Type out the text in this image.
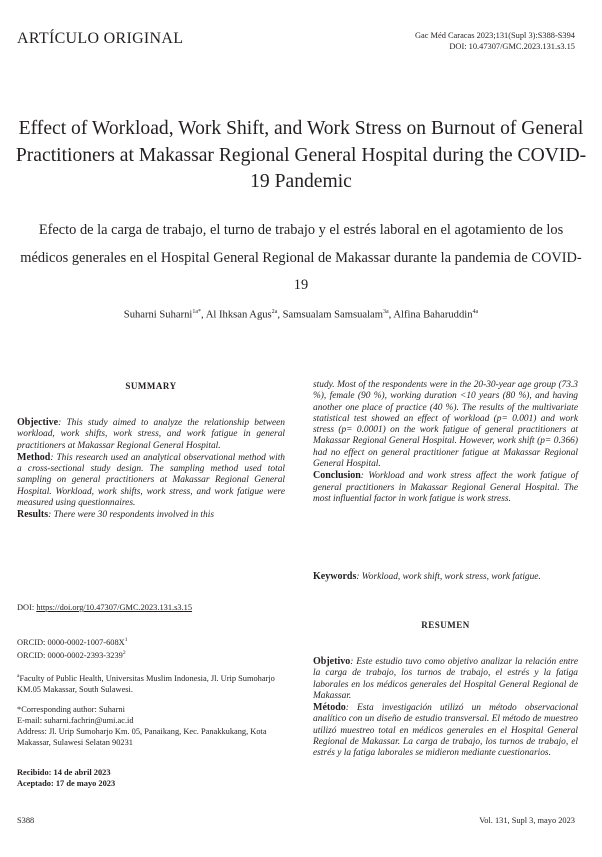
ARTÍCULO ORIGINAL	Gac Méd Caracas 2023;131(Supl 3):S388-S394
DOI: 10.47307/GMC.2023.131.s3.15
Effect of Workload, Work Shift, and Work Stress on Burnout of General Practitioners at Makassar Regional General Hospital during the COVID-19 Pandemic
Efecto de la carga de trabajo, el turno de trabajo y el estrés laboral en el agotamiento de los médicos generales en el Hospital General Regional de Makassar durante la pandemia de COVID-19
Suharni Suharni$^{1a*}$, Al Ihksan Agus$^{2a}$, Samsualam Samsualam$^{3a}$, Alfina Baharuddin$^{4a}$
SUMMARY
Objective: This study aimed to analyze the relationship between workload, work shifts, work stress, and work fatigue in general practitioners at Makassar Regional General Hospital.
Method: This research used an analytical observational method with a cross-sectional study design. The sampling method used total sampling on general practitioners at Makassar Regional General Hospital. Workload, work shifts, work stress, and work fatigue were measured using questionnaires.
Results: There were 30 respondents involved in this
DOI: https://doi.org/10.47307/GMC.2023.131.s3.15
ORCID: $0000-0002-1007-608X^1$
ORCID: 0000-0002-2393-3239$^2$
$^a$Faculty of Public Health, Universitas Muslim Indonesia, Jl. Urip Sumoharjo KM.05 Makassar, South Sulawesi.
*Corresponding author: Suharni
E-mail: suharni.fachrin@umi.ac.id
Address: Jl. Urip Sumoharjo Km. 05, Panaikang, Kec. Panakkukang, Kota Makassar, Sulawesi Selatan 90231
Recibido: 14 de abril 2023
Aceptado: 17 de mayo 2023
study. Most of the respondents were in the 20-30-year age group (73.3 %), female (90 %), working duration <10 years (80 %), and having another one place of practice (40 %). The results of the multivariate statistical test showed an effect of workload (p= 0.001) and work stress (p= 0.0001) on the work fatigue of general practitioners at Makassar Regional General Hospital. However, work shift (p= 0.366) had no effect on general practitioner fatigue at Makassar Regional General Hospital.
Conclusion: Workload and work stress affect the work fatigue of general practitioners in Makassar Regional General Hospital. The most influential factor in work fatigue is work stress.
Keywords: Workload, work shift, work stress, work fatigue.
RESUMEN
Objetivo: Este estudio tuvo como objetivo analizar la relación entre la carga de trabajo, los turnos de trabajo, el estrés y la fatiga laborales en los médicos generales del Hospital General Regional de Makassar.
Método: Esta investigación utilizó un método observacional analítico con un diseño de estudio transversal. El método de muestreo utilizó muestreo total en médicos generales en el Hospital General Regional de Makassar. La carga de trabajo, los turnos de trabajo, el estrés y la fatiga laborales se midieron mediante cuestionarios.
S388	Vol. 131, Supl 3, mayo 2023
